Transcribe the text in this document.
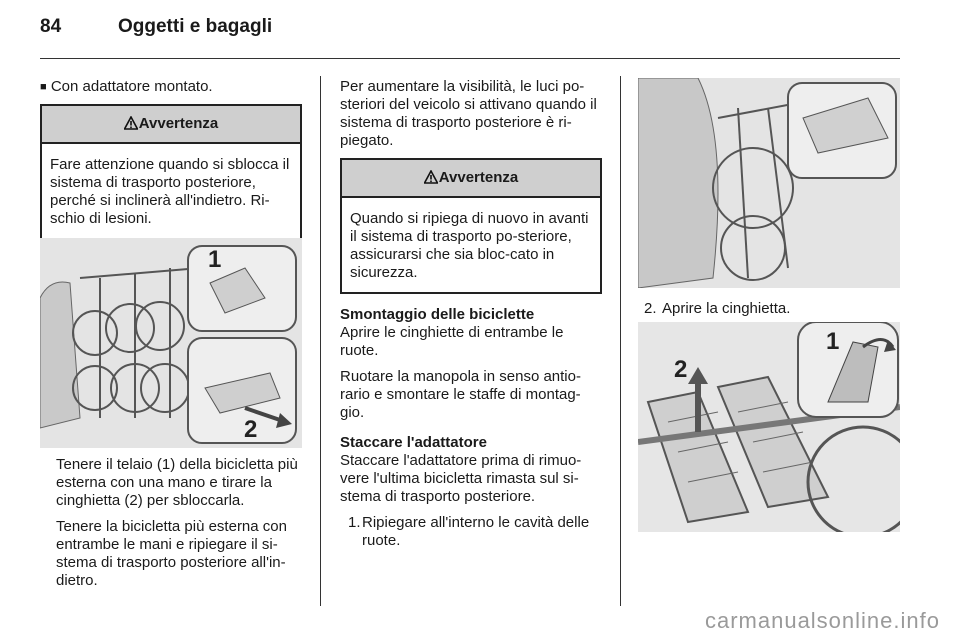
84	Oggetti e bagagli

■ Con adattatore montato.

Avvertenza
Fare attenzione quando si sblocca il sistema di trasporto posteriore, perché si inclinerà all'indietro. Ri-schio di lesioni.
1
2

Tenere il telaio (1) della bicicletta più esterna con una mano e tirare la cinghietta (2) per sbloccarla.

Tenere la bicicletta più esterna con entrambe le mani e ripiegare il si-stema di trasporto posteriore all'in-dietro.

Per aumentare la visibilità, le luci po-steriori del veicolo si attivano quando il sistema di trasporto posteriore è ri-piegato.

Avvertenza
Quando si ripiega di nuovo in avanti il sistema di trasporto po-steriore, assicurarsi che sia bloc-cato in sicurezza.
Smontaggio delle biciclette

Aprire le cinghiette di entrambe le ruote.

Ruotare la manopola in senso antio-rario e smontare le staffe di montag-gio.

Staccare l'adattatore

Staccare l'adattatore prima di rimuo-vere l'ultima bicicletta rimasta sul si-stema di trasporto posteriore.

1. Ripiegare all'interno le cavità delle ruote.
2. Aprire la cinghietta.
1
2
carmanualsonline.info
